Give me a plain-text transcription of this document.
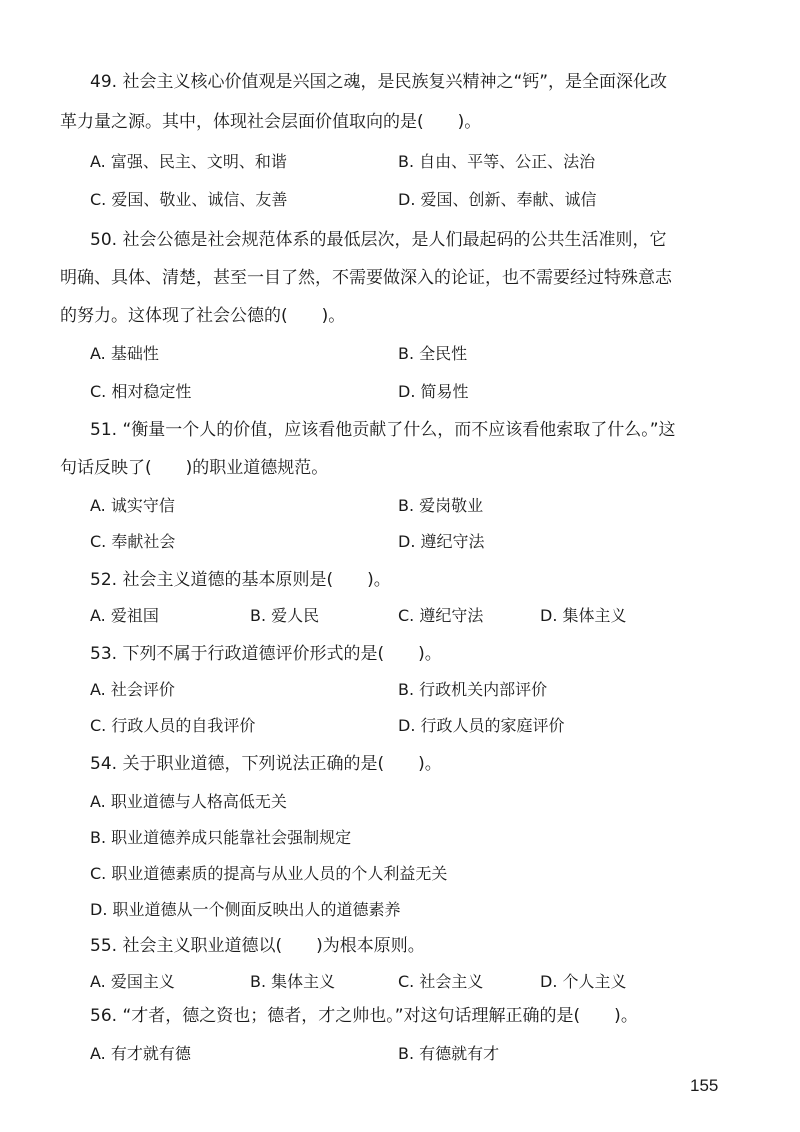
49. 社会主义核心价值观是兴国之魂，是民族复兴精神之“钙”，是全面深化改
革力量之源。其中，体现社会层面价值取向的是(　　)。
A. 富强、民主、文明、和谐	B. 自由、平等、公正、法治
C. 爱国、敬业、诚信、友善	D. 爱国、创新、奉献、诚信
50. 社会公德是社会规范体系的最低层次，是人们最起码的公共生活准则，它
明确、具体、清楚，甚至一目了然，不需要做深入的论证，也不需要经过特殊意志
的努力。这体现了社会公德的(　　)。
A. 基础性	B. 全民性
C. 相对稳定性	D. 简易性
51. “衡量一个人的价值，应该看他贡献了什么，而不应该看他索取了什么。”这
句话反映了(　　)的职业道德规范。
A. 诚实守信	B. 爱岗敬业
C. 奉献社会	D. 遵纪守法
52. 社会主义道德的基本原则是(　　)。
A. 爱祖国	B. 爱人民	C. 遵纪守法	D. 集体主义
53. 下列不属于行政道德评价形式的是(　　)。
A. 社会评价	B. 行政机关内部评价
C. 行政人员的自我评价	D. 行政人员的家庭评价
54. 关于职业道德，下列说法正确的是(　　)。
A. 职业道德与人格高低无关
B. 职业道德养成只能靠社会强制规定
C. 职业道德素质的提高与从业人员的个人利益无关
D. 职业道德从一个侧面反映出人的道德素养
55. 社会主义职业道德以(　　)为根本原则。
A. 爱国主义	B. 集体主义	C. 社会主义	D. 个人主义
56. “才者，德之资也；德者，才之帅也。”对这句话理解正确的是(　　)。
A. 有才就有德	B. 有德就有才
155
